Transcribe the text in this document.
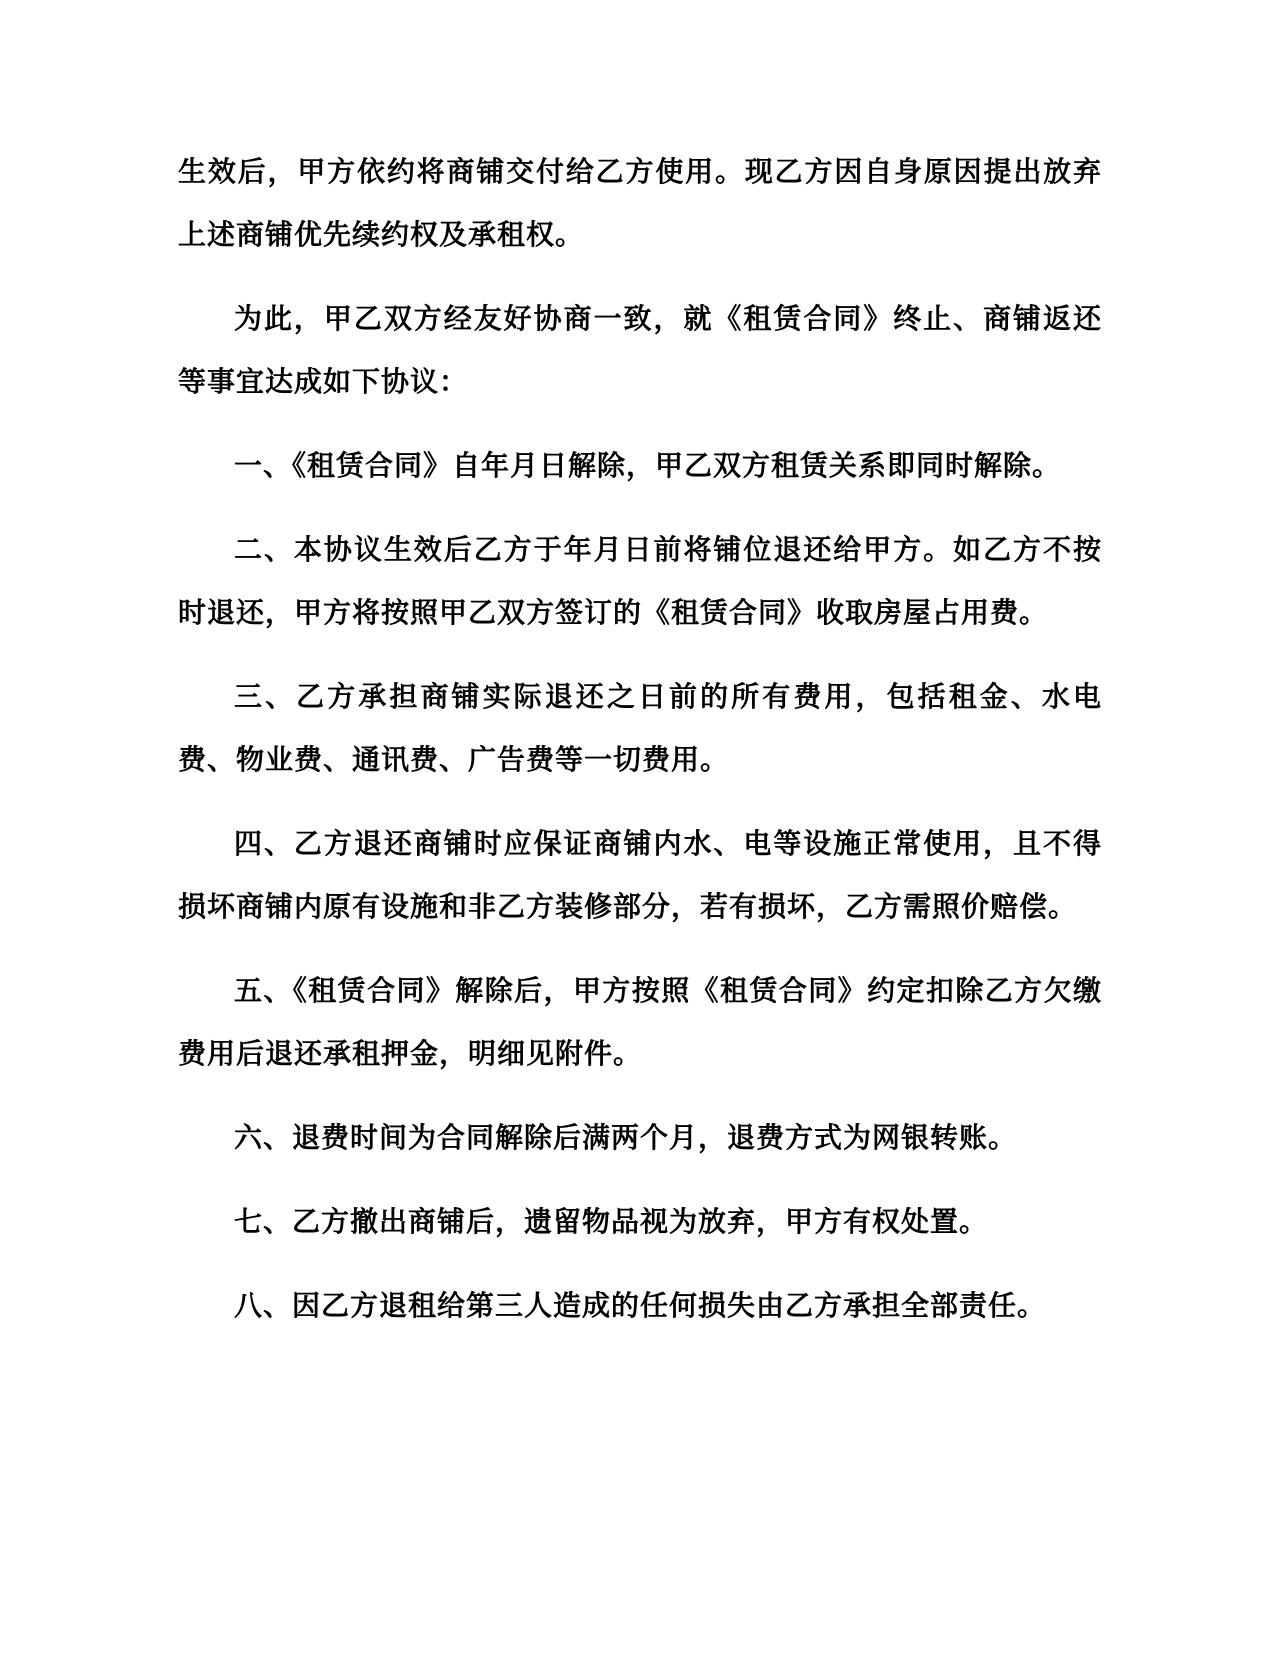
生效后，甲方依约将商铺交付给乙方使用。现乙方因自身原因提出放弃上述商铺优先续约权及承租权。

为此，甲乙双方经友好协商一致，就《租赁合同》终止、商铺返还等事宜达成如下协议：

一、《租赁合同》自年月日解除，甲乙双方租赁关系即同时解除。

二、本协议生效后乙方于年月日前将铺位退还给甲方。如乙方不按时退还，甲方将按照甲乙双方签订的《租赁合同》收取房屋占用费。

三、乙方承担商铺实际退还之日前的所有费用，包括租金、水电费、物业费、通讯费、广告费等一切费用。

四、乙方退还商铺时应保证商铺内水、电等设施正常使用，且不得损坏商铺内原有设施和非乙方装修部分，若有损坏，乙方需照价赔偿。

五、《租赁合同》解除后，甲方按照《租赁合同》约定扣除乙方欠缴费用后退还承租押金，明细见附件。

六、退费时间为合同解除后满两个月，退费方式为网银转账。

七、乙方撤出商铺后，遗留物品视为放弃，甲方有权处置。

八、因乙方退租给第三人造成的任何损失由乙方承担全部责任。
